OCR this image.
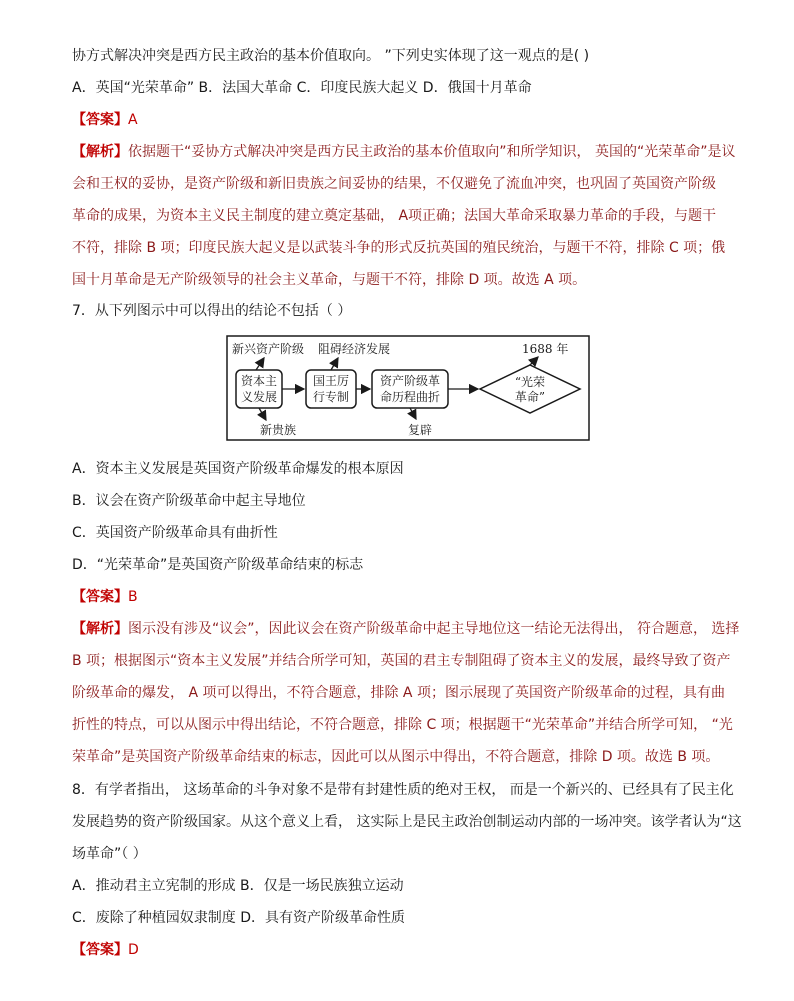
协方式解决冲突是西方民主政治的基本价值取向。 ”下列史实体现了这一观点的是( )
A．英国“光荣革命” B．法国大革命 C．印度民族大起义 D．俄国十月革命
【答案】A
【解析】依据题干“妥协方式解决冲突是西方民主政治的基本价值取向”和所学知识， 英国的“光荣革命”是议
会和王权的妥协，是资产阶级和新旧贵族之间妥协的结果，不仅避免了流血冲突，也巩固了英国资产阶级
革命的成果，为资本主义民主制度的建立奠定基础， A项正确；法国大革命采取暴力革命的手段，与题干
不符，排除 B 项；印度民族大起义是以武装斗争的形式反抗英国的殖民统治，与题干不符，排除 C 项；俄
国十月革命是无产阶级领导的社会主义革命，与题干不符，排除 D 项。故选 A 项。
7．从下列图示中可以得出的结论不包括（ ）
新兴资产阶级 阻碍经济发展	1688 年
资本主
义发展
国王厉
行专制
资产阶级革
命历程曲折
“光荣
革命”
新贵族	复辟
A．资本主义发展是英国资产阶级革命爆发的根本原因
B．议会在资产阶级革命中起主导地位
C．英国资产阶级革命具有曲折性
D．“光荣革命”是英国资产阶级革命结束的标志
【答案】B
【解析】图示没有涉及“议会”，因此议会在资产阶级革命中起主导地位这一结论无法得出， 符合题意， 选择
B 项；根据图示“资本主义发展”并结合所学可知，英国的君主专制阻碍了资本主义的发展，最终导致了资产
阶级革命的爆发， A 项可以得出，不符合题意，排除 A 项；图示展现了英国资产阶级革命的过程，具有曲
折性的特点，可以从图示中得出结论，不符合题意，排除 C 项；根据题干“光荣革命”并结合所学可知， “光
荣革命”是英国资产阶级革命结束的标志，因此可以从图示中得出，不符合题意，排除 D 项。故选 B 项。
8．有学者指出， 这场革命的斗争对象不是带有封建性质的绝对王权， 而是一个新兴的、已经具有了民主化
发展趋势的资产阶级国家。从这个意义上看， 这实际上是民主政治创制运动内部的一场冲突。该学者认为“这
场革命”（ ）
A．推动君主立宪制的形成 B．仅是一场民族独立运动
C．废除了种植园奴隶制度 D．具有资产阶级革命性质
【答案】D
